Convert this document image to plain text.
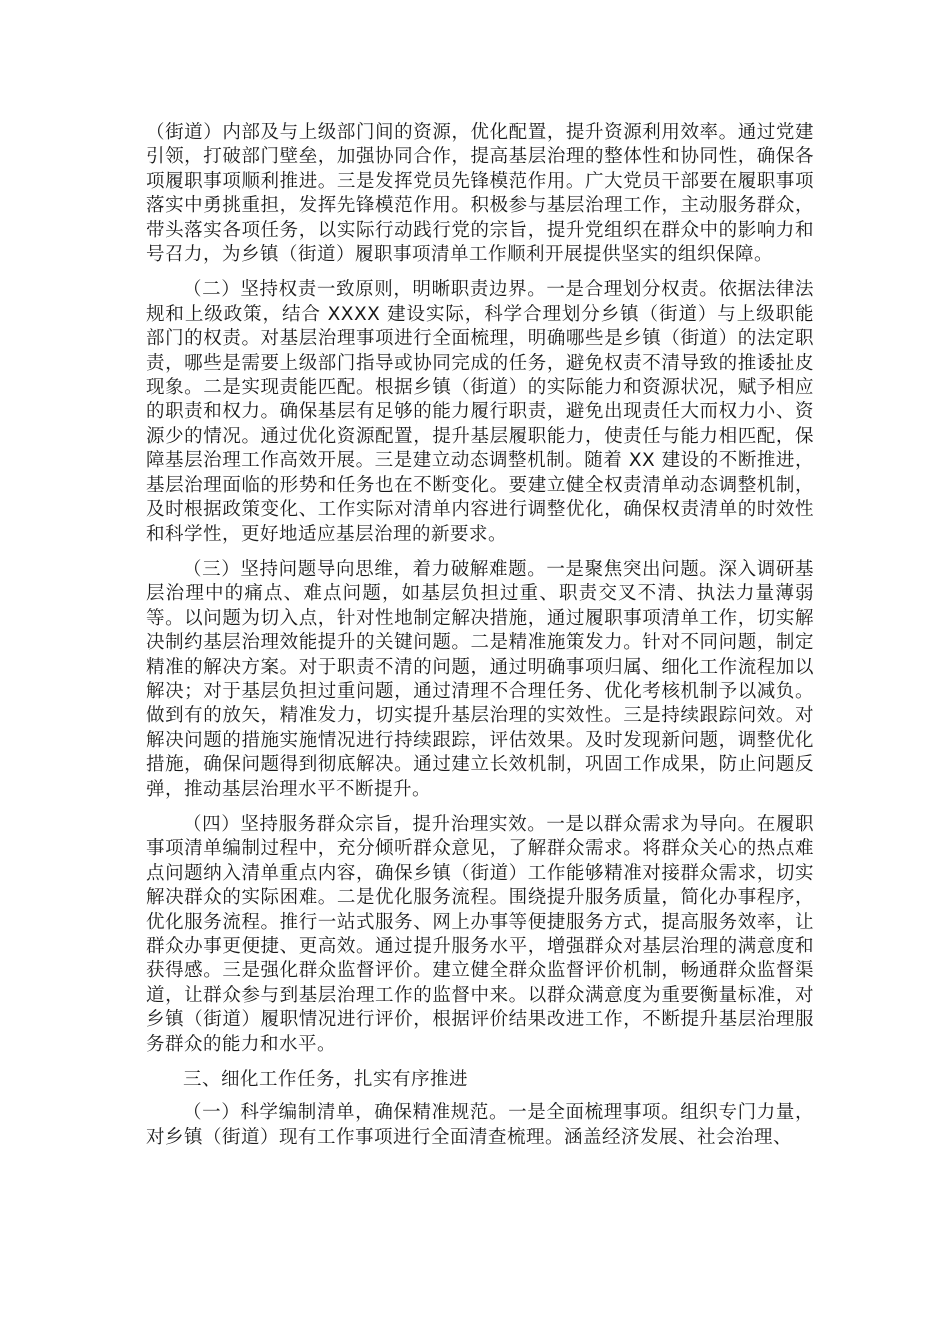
（街道）内部及与上级部门间的资源，优化配置，提升资源利用效率。通过党建引领，打破部门壁垒，加强协同合作，提高基层治理的整体性和协同性，确保各项履职事项顺利推进。三是发挥党员先锋模范作用。广大党员干部要在履职事项落实中勇挑重担，发挥先锋模范作用。积极参与基层治理工作，主动服务群众，带头落实各项任务，以实际行动践行党的宗旨，提升党组织在群众中的影响力和号召力，为乡镇（街道）履职事项清单工作顺利开展提供坚实的组织保障。

（二）坚持权责一致原则，明晰职责边界。一是合理划分权责。依据法律法规和上级政策，结合 XXXX 建设实际，科学合理划分乡镇（街道）与上级职能部门的权责。对基层治理事项进行全面梳理，明确哪些是乡镇（街道）的法定职责，哪些是需要上级部门指导或协同完成的任务，避免权责不清导致的推诿扯皮现象。二是实现责能匹配。根据乡镇（街道）的实际能力和资源状况，赋予相应的职责和权力。确保基层有足够的能力履行职责，避免出现责任大而权力小、资源少的情况。通过优化资源配置，提升基层履职能力，使责任与能力相匹配，保障基层治理工作高效开展。三是建立动态调整机制。随着 XX 建设的不断推进，基层治理面临的形势和任务也在不断变化。要建立健全权责清单动态调整机制，及时根据政策变化、工作实际对清单内容进行调整优化，确保权责清单的时效性和科学性，更好地适应基层治理的新要求。

（三）坚持问题导向思维，着力破解难题。一是聚焦突出问题。深入调研基层治理中的痛点、难点问题，如基层负担过重、职责交叉不清、执法力量薄弱等。以问题为切入点，针对性地制定解决措施，通过履职事项清单工作，切实解决制约基层治理效能提升的关键问题。二是精准施策发力。针对不同问题，制定精准的解决方案。对于职责不清的问题，通过明确事项归属、细化工作流程加以解决；对于基层负担过重问题，通过清理不合理任务、优化考核机制予以减负。做到有的放矢，精准发力，切实提升基层治理的实效性。三是持续跟踪问效。对解决问题的措施实施情况进行持续跟踪，评估效果。及时发现新问题，调整优化措施，确保问题得到彻底解决。通过建立长效机制，巩固工作成果，防止问题反弹，推动基层治理水平不断提升。

（四）坚持服务群众宗旨，提升治理实效。一是以群众需求为导向。在履职事项清单编制过程中，充分倾听群众意见，了解群众需求。将群众关心的热点难点问题纳入清单重点内容，确保乡镇（街道）工作能够精准对接群众需求，切实解决群众的实际困难。二是优化服务流程。围绕提升服务质量，简化办事程序，优化服务流程。推行一站式服务、网上办事等便捷服务方式，提高服务效率，让群众办事更便捷、更高效。通过提升服务水平，增强群众对基层治理的满意度和获得感。三是强化群众监督评价。建立健全群众监督评价机制，畅通群众监督渠道，让群众参与到基层治理工作的监督中来。以群众满意度为重要衡量标准，对乡镇（街道）履职情况进行评价，根据评价结果改进工作，不断提升基层治理服务群众的能力和水平。

三、细化工作任务，扎实有序推进

（一）科学编制清单，确保精准规范。一是全面梳理事项。组织专门力量，对乡镇（街道）现有工作事项进行全面清查梳理。涵盖经济发展、社会治理、
